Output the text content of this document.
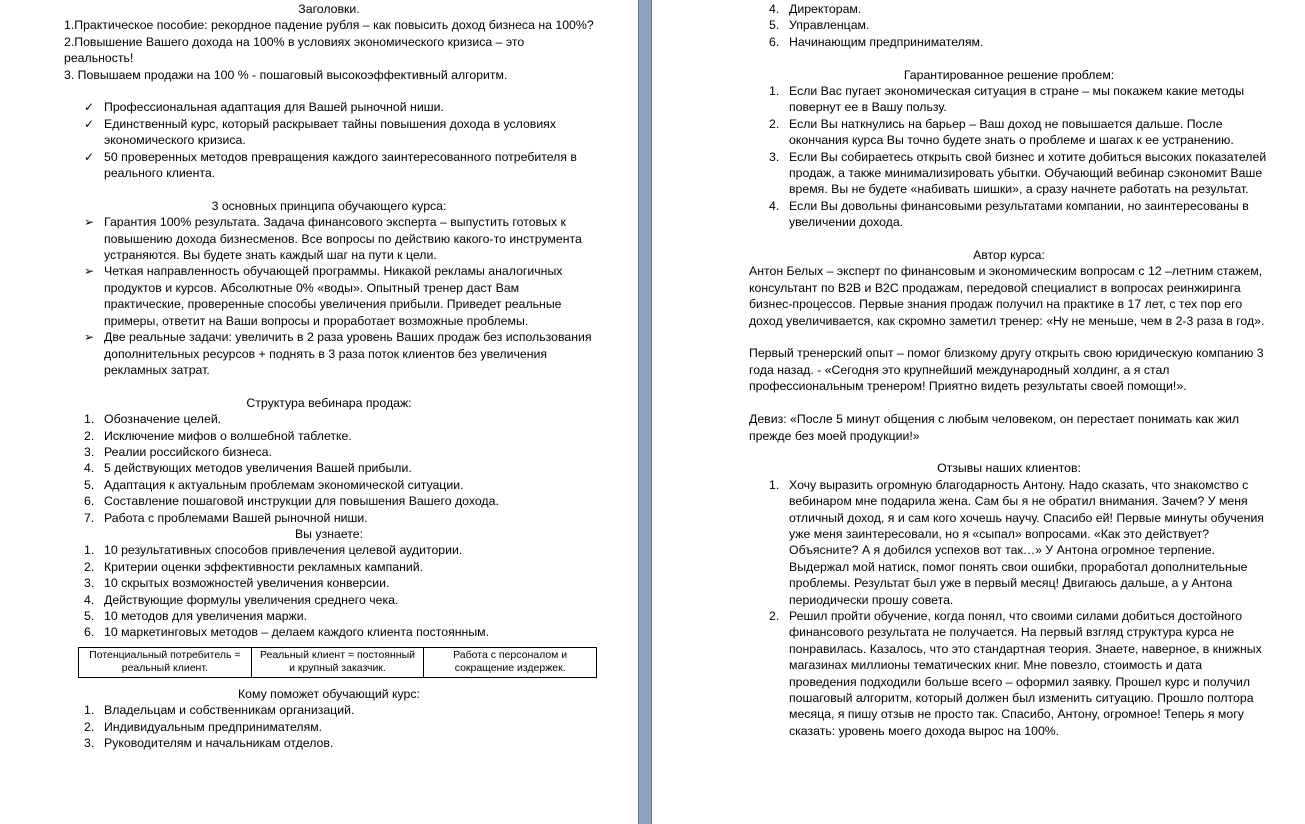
Заголовки.

1.Практическое пособие: рекордное падение рубля – как повысить доход бизнеса на 100%?

2.Повышение Вашего дохода на 100% в условиях экономического кризиса – это реальность!

3. Повышаем продажи на 100 % - пошаговый высокоэффективный алгоритм.

✓ Профессиональная адаптация для Вашей рыночной ниши.
✓ Единственный курс, который раскрывает тайны повышения дохода в условиях экономического кризиса.
✓ 50 проверенных методов превращения каждого заинтересованного потребителя в реального клиента.

3 основных принципа обучающего курса:

➢ Гарантия 100% результата. Задача финансового эксперта – выпустить готовых к повышению дохода бизнесменов. Все вопросы по действию какого-то инструмента устраняются. Вы будете знать каждый шаг на пути к цели.
➢ Четкая направленность обучающей программы. Никакой рекламы аналогичных продуктов и курсов. Абсолютные 0% «воды». Опытный тренер даст Вам практические, проверенные способы увеличения прибыли. Приведет реальные примеры, ответит на Ваши вопросы и проработает возможные проблемы.
➢ Две реальные задачи: увеличить в 2 раза уровень Ваших продаж без использования дополнительных ресурсов + поднять в 3 раза поток клиентов без увеличения рекламных затрат.

Структура вебинара продаж:

1. Обозначение целей.
2. Исключение мифов о волшебной таблетке.
3. Реалии российского бизнеса.
4. 5 действующих методов увеличения Вашей прибыли.
5. Адаптация к актуальным проблемам экономической ситуации.
6. Составление пошаговой инструкции для повышения Вашего дохода.
7. Работа с проблемами Вашей рыночной ниши.

Вы узнаете:

1. 10 результативных способов привлечения целевой аудитории.
2. Критерии оценки эффективности рекламных кампаний.
3. 10 скрытых возможностей увеличения конверсии.
4. Действующие формулы увеличения среднего чека.
5. 10 методов для увеличения маржи.
6. 10 маркетинговых методов – делаем каждого клиента постоянным.
Потенциальный потребитель = реальный клиент.	Реальный клиент = постоянный и крупный заказчик.	Работа с персоналом и сокращение издержек.

Кому поможет обучающий курс:

1. Владельцам и собственникам организаций.
2. Индивидуальным предпринимателям.
3. Руководителям и начальникам отделов.
4. Директорам.
5. Управленцам.
6. Начинающим предпринимателям.

Гарантированное решение проблем:

1. Если Вас пугает экономическая ситуация в стране – мы покажем какие методы повернут ее в Вашу пользу.
2. Если Вы наткнулись на барьер – Ваш доход не повышается дальше. После окончания курса Вы точно будете знать о проблеме и шагах к ее устранению.
3. Если Вы собираетесь открыть свой бизнес и хотите добиться высоких показателей продаж, а также минимализировать убытки. Обучающий вебинар сэкономит Ваше время. Вы не будете «набивать шишки», а сразу начнете работать на результат.
4. Если Вы довольны финансовыми результатами компании, но заинтересованы в увеличении дохода.

Автор курса:

Антон Белых – эксперт по финансовым и экономическим вопросам с 12 –летним стажем, консультант по B2B и B2C продажам, передовой специалист в вопросах реинжиринга бизнес-процессов. Первые знания продаж получил на практике в 17 лет, с тех пор его доход увеличивается, как скромно заметил тренер: «Ну не меньше, чем в 2-3 раза в год».

Первый тренерский опыт – помог близкому другу открыть свою юридическую компанию 3 года назад. - «Сегодня это крупнейший международный холдинг, а я стал профессиональным тренером! Приятно видеть результаты своей помощи!».

Девиз: «После 5 минут общения с любым человеком, он перестает понимать как жил прежде без моей продукции!»

Отзывы наших клиентов:

1. Хочу выразить огромную благодарность Антону. Надо сказать, что знакомство с вебинаром мне подарила жена. Сам бы я не обратил внимания. Зачем? У меня отличный доход, я и сам кого хочешь научу. Спасибо ей! Первые минуты обучения уже меня заинтересовали, но я «сыпал» вопросами. «Как это действует? Объясните? А я добился успехов вот так…» У Антона огромное терпение. Выдержал мой натиск, помог понять свои ошибки, проработал дополнительные проблемы. Результат был уже в первый месяц! Двигаюсь дальше, а у Антона периодически прошу совета.
2. Решил пройти обучение, когда понял, что своими силами добиться достойного финансового результата не получается. На первый взгляд структура курса не понравилась. Казалось, что это стандартная теория. Знаете, наверное, в книжных магазинах миллионы тематических книг. Мне повезло, стоимость и дата проведения подходили больше всего – оформил заявку. Прошел курс и получил пошаговый алгоритм, который должен был изменить ситуацию. Прошло полтора месяца, я пишу отзыв не просто так. Спасибо, Антону, огромное! Теперь я могу сказать: уровень моего дохода вырос на 100%.
